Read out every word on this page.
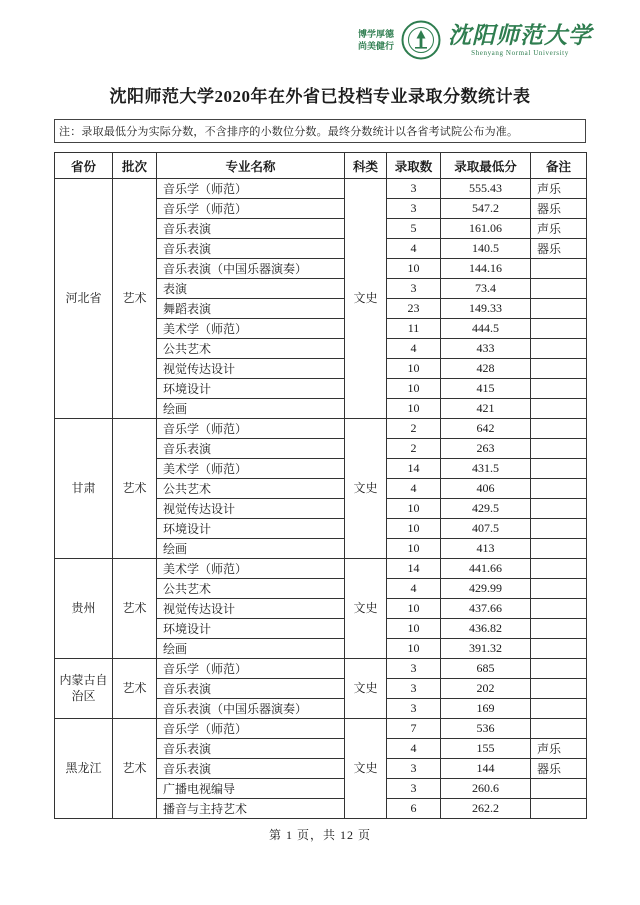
博学厚德
尚美健行 沈阳师范大学
Shenyang Normal University
沈阳师范大学2020年在外省已投档专业录取分数统计表
注：录取最低分为实际分数，不含排序的小数位分数。最终分数统计以各省考试院公布为准。
省份	批次	专业名称	科类	录取数	录取最低分	备注
河北省	艺术	音乐学（师范）	文史	3	555.43	声乐
		音乐学（师范）		3	547.2	器乐
		音乐表演		5	161.06	声乐
		音乐表演		4	140.5	器乐
		音乐表演（中国乐器演奏）		10	144.16	
		表演		3	73.4	
		舞蹈表演		23	149.33	
		美术学（师范）		11	444.5	
		公共艺术		4	433	
		视觉传达设计		10	428	
		环境设计		10	415	
		绘画		10	421	
甘肃	艺术	音乐学（师范）	文史	2	642	
		音乐表演		2	263	
		美术学（师范）		14	431.5	
		公共艺术		4	406	
		视觉传达设计		10	429.5	
		环境设计		10	407.5	
		绘画		10	413	
贵州	艺术	美术学（师范）	文史	14	441.66	
		公共艺术		4	429.99	
		视觉传达设计		10	437.66	
		环境设计		10	436.82	
		绘画		10	391.32	
内蒙古自治区	艺术	音乐学（师范）	文史	3	685	
		音乐表演		3	202	
		音乐表演（中国乐器演奏）		3	169	
黑龙江	艺术	音乐学（师范）	文史	7	536	
		音乐表演		4	155	声乐
		音乐表演		3	144	器乐
		广播电视编导		3	260.6	
		播音与主持艺术		6	262.2	
第 1 页，共 12 页
